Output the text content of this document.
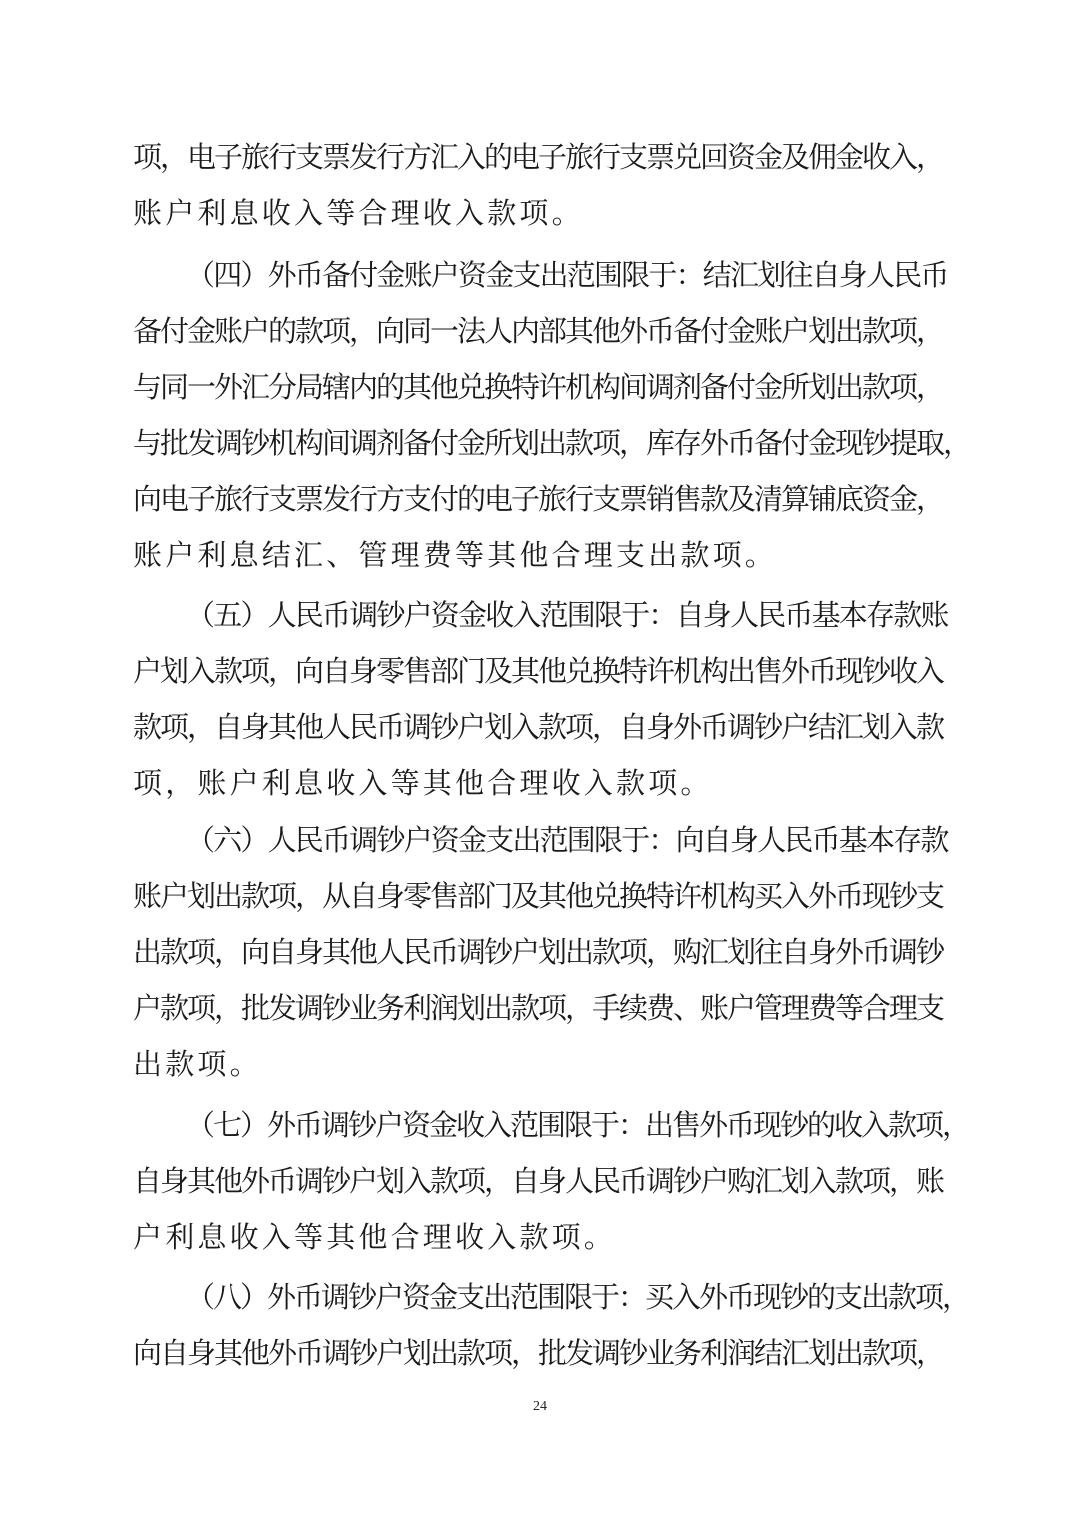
项，电子旅行支票发行方汇入的电子旅行支票兑回资金及佣金收入，
账户利息收入等合理收入款项。
（四）外币备付金账户资金支出范围限于：结汇划往自身人民币
备付金账户的款项，向同一法人内部其他外币备付金账户划出款项，
与同一外汇分局辖内的其他兑换特许机构间调剂备付金所划出款项，
与批发调钞机构间调剂备付金所划出款项，库存外币备付金现钞提取，
向电子旅行支票发行方支付的电子旅行支票销售款及清算铺底资金，
账户利息结汇、管理费等其他合理支出款项。
（五）人民币调钞户资金收入范围限于：自身人民币基本存款账
户划入款项，向自身零售部门及其他兑换特许机构出售外币现钞收入
款项，自身其他人民币调钞户划入款项，自身外币调钞户结汇划入款
项，账户利息收入等其他合理收入款项。
（六）人民币调钞户资金支出范围限于：向自身人民币基本存款
账户划出款项，从自身零售部门及其他兑换特许机构买入外币现钞支
出款项，向自身其他人民币调钞户划出款项，购汇划往自身外币调钞
户款项，批发调钞业务利润划出款项，手续费、账户管理费等合理支
出款项。
（七）外币调钞户资金收入范围限于：出售外币现钞的收入款项，
自身其他外币调钞户划入款项，自身人民币调钞户购汇划入款项，账
户利息收入等其他合理收入款项。
（八）外币调钞户资金支出范围限于：买入外币现钞的支出款项，
向自身其他外币调钞户划出款项，批发调钞业务利润结汇划出款项，
24
